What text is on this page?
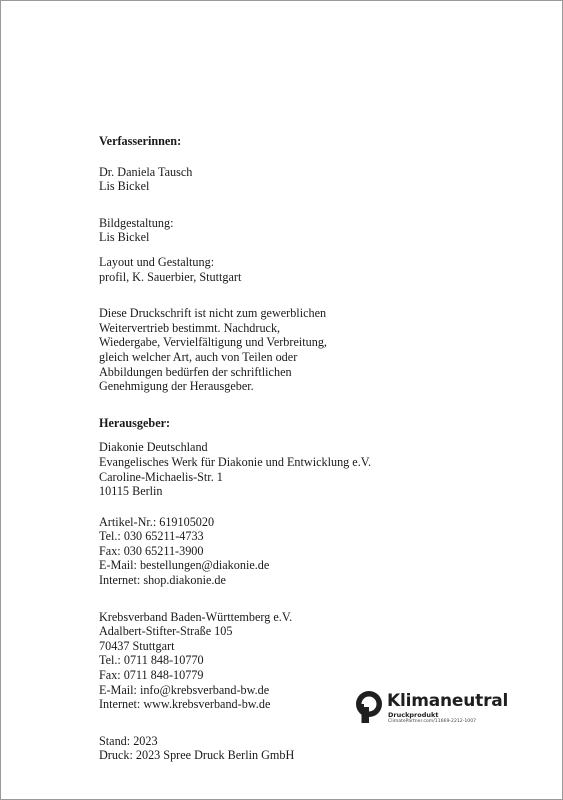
Verfasserinnen:
Dr. Daniela Tausch
Lis Bickel
Bildgestaltung:
Lis Bickel
Layout und Gestaltung:
profil, K. Sauerbier, Stuttgart
Diese Druckschrift ist nicht zum gewerblichen
Weitervertrieb bestimmt. Nachdruck,
Wiedergabe, Vervielfältigung und Verbreitung,
gleich welcher Art, auch von Teilen oder
Abbildungen bedürfen der schriftlichen
Genehmigung der Herausgeber.
Herausgeber:
Diakonie Deutschland
Evangelisches Werk für Diakonie und Entwicklung e.V.
Caroline-Michaelis-Str. 1
10115 Berlin
Artikel-Nr.: 619105020
Tel.: 030 65211-4733
Fax: 030 65211-3900
E-Mail: bestellungen@diakonie.de
Internet: shop.diakonie.de
Krebsverband Baden-Württemberg e.V.
Adalbert-Stifter-Straße 105
70437 Stuttgart
Tel.: 0711 848-10770
Fax: 0711 848-10779
E-Mail: info@krebsverband-bw.de
Internet: www.krebsverband-bw.de
Stand: 2023
Druck: 2023 Spree Druck Berlin GmbH
Klimaneutral
Druckprodukt
ClimatePartner.com/11669-2212-1007
